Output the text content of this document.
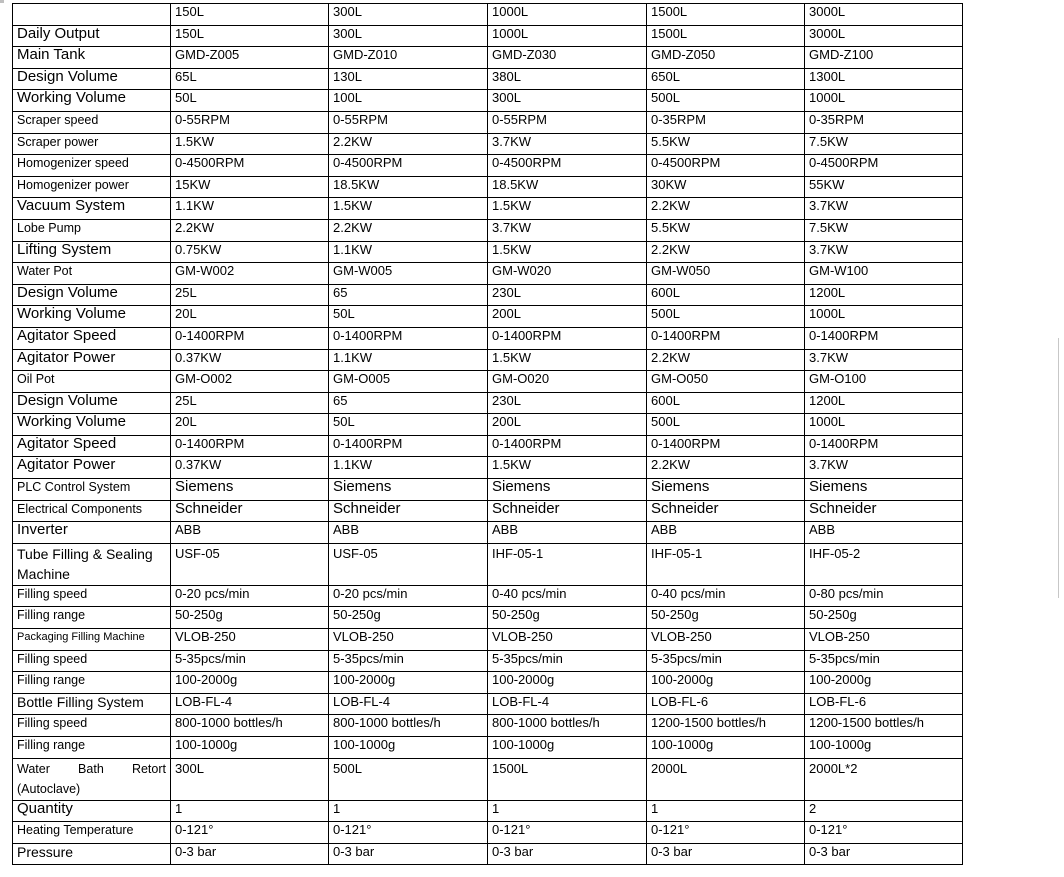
	150L	300L	1000L	1500L	3000L
Daily Output	150L	300L	1000L	1500L	3000L
Main Tank	GMD-Z005	GMD-Z010	GMD-Z030	GMD-Z050	GMD-Z100
Design Volume	65L	130L	380L	650L	1300L
Working Volume	50L	100L	300L	500L	1000L
Scraper speed	0-55RPM	0-55RPM	0-55RPM	0-35RPM	0-35RPM
Scraper power	1.5KW	2.2KW	3.7KW	5.5KW	7.5KW
Homogenizer speed	0-4500RPM	0-4500RPM	0-4500RPM	0-4500RPM	0-4500RPM
Homogenizer power	15KW	18.5KW	18.5KW	30KW	55KW
Vacuum System	1.1KW	1.5KW	1.5KW	2.2KW	3.7KW
Lobe Pump	2.2KW	2.2KW	3.7KW	5.5KW	7.5KW
Lifting System	0.75KW	1.1KW	1.5KW	2.2KW	3.7KW
Water Pot	GM-W002	GM-W005	GM-W020	GM-W050	GM-W100
Design Volume	25L	65	230L	600L	1200L
Working Volume	20L	50L	200L	500L	1000L
Agitator Speed	0-1400RPM	0-1400RPM	0-1400RPM	0-1400RPM	0-1400RPM
Agitator Power	0.37KW	1.1KW	1.5KW	2.2KW	3.7KW
Oil Pot	GM-O002	GM-O005	GM-O020	GM-O050	GM-O100
Design Volume	25L	65	230L	600L	1200L
Working Volume	20L	50L	200L	500L	1000L
Agitator Speed	0-1400RPM	0-1400RPM	0-1400RPM	0-1400RPM	0-1400RPM
Agitator Power	0.37KW	1.1KW	1.5KW	2.2KW	3.7KW
PLC Control System	Siemens	Siemens	Siemens	Siemens	Siemens
Electrical Components	Schneider	Schneider	Schneider	Schneider	Schneider
Inverter	ABB	ABB	ABB	ABB	ABB
Tube Filling & Sealing Machine	USF-05	USF-05	IHF-05-1	IHF-05-1	IHF-05-2
Filling speed	0-20 pcs/min	0-20 pcs/min	0-40 pcs/min	0-40 pcs/min	0-80 pcs/min
Filling range	50-250g	50-250g	50-250g	50-250g	50-250g
Packaging Filling Machine	VLOB-250	VLOB-250	VLOB-250	VLOB-250	VLOB-250
Filling speed	5-35pcs/min	5-35pcs/min	5-35pcs/min	5-35pcs/min	5-35pcs/min
Filling range	100-2000g	100-2000g	100-2000g	100-2000g	100-2000g
Bottle Filling System	LOB-FL-4	LOB-FL-4	LOB-FL-4	LOB-FL-6	LOB-FL-6
Filling speed	800-1000 bottles/h	800-1000 bottles/h	800-1000 bottles/h	1200-1500 bottles/h	1200-1500 bottles/h
Filling range	100-1000g	100-1000g	100-1000g	100-1000g	100-1000g
Water Bath Retort (Autoclave)	300L	500L	1500L	2000L	2000L*2
Quantity	1	1	1	1	2
Heating Temperature	0-121°	0-121°	0-121°	0-121°	0-121°
Pressure	0-3 bar	0-3 bar	0-3 bar	0-3 bar	0-3 bar
